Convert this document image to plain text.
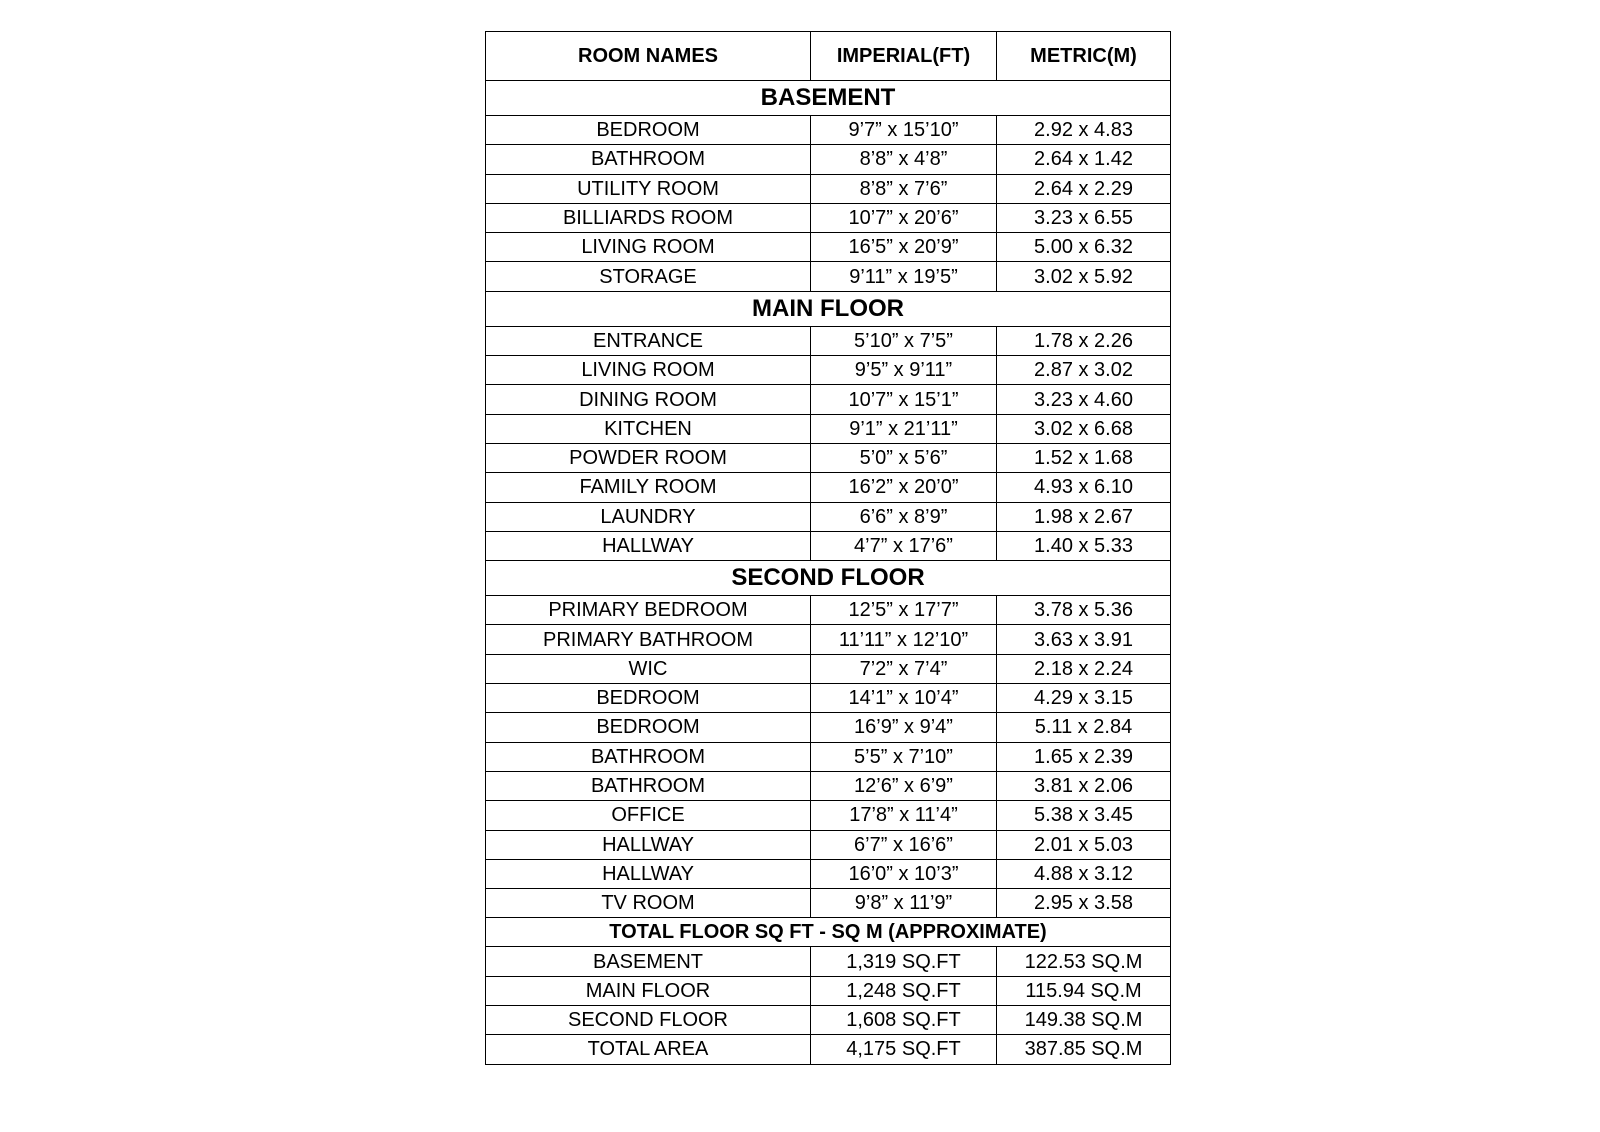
ROOM NAMES	IMPERIAL(FT)	METRIC(M)
BASEMENT		
BEDROOM	9’7” x 15’10”	2.92 x 4.83
BATHROOM	8’8” x 4’8”	2.64 x 1.42
UTILITY ROOM	8’8” x 7’6”	2.64 x 2.29
BILLIARDS ROOM	10’7” x 20’6”	3.23 x 6.55
LIVING ROOM	16’5” x 20’9”	5.00 x 6.32
STORAGE	9’11” x 19’5”	3.02 x 5.92
MAIN FLOOR		
ENTRANCE	5’10” x 7’5”	1.78 x 2.26
LIVING ROOM	9’5” x 9’11”	2.87 x 3.02
DINING ROOM	10’7” x 15’1”	3.23 x 4.60
KITCHEN	9’1” x 21’11”	3.02 x 6.68
POWDER ROOM	5’0” x 5’6”	1.52 x 1.68
FAMILY ROOM	16’2” x 20’0”	4.93 x 6.10
LAUNDRY	6’6” x 8’9”	1.98 x 2.67
HALLWAY	4’7” x 17’6”	1.40 x 5.33
SECOND FLOOR		
PRIMARY BEDROOM	12’5” x 17’7”	3.78 x 5.36
PRIMARY BATHROOM	11’11” x 12’10”	3.63 x 3.91
WIC	7’2” x 7’4”	2.18 x 2.24
BEDROOM	14’1” x 10’4”	4.29 x 3.15
BEDROOM	16’9” x 9’4”	5.11 x 2.84
BATHROOM	5’5” x 7’10”	1.65 x 2.39
BATHROOM	12’6” x 6’9”	3.81 x 2.06
OFFICE	17’8” x 11’4”	5.38 x 3.45
HALLWAY	6’7” x 16’6”	2.01 x 5.03
HALLWAY	16’0” x 10’3”	4.88 x 3.12
TV ROOM	9’8” x 11’9”	2.95 x 3.58
TOTAL FLOOR SQ FT - SQ M (APPROXIMATE)		
BASEMENT	1,319 SQ.FT	122.53 SQ.M
MAIN FLOOR	1,248 SQ.FT	115.94 SQ.M
SECOND FLOOR	1,608 SQ.FT	149.38 SQ.M
TOTAL AREA	4,175 SQ.FT	387.85 SQ.M
